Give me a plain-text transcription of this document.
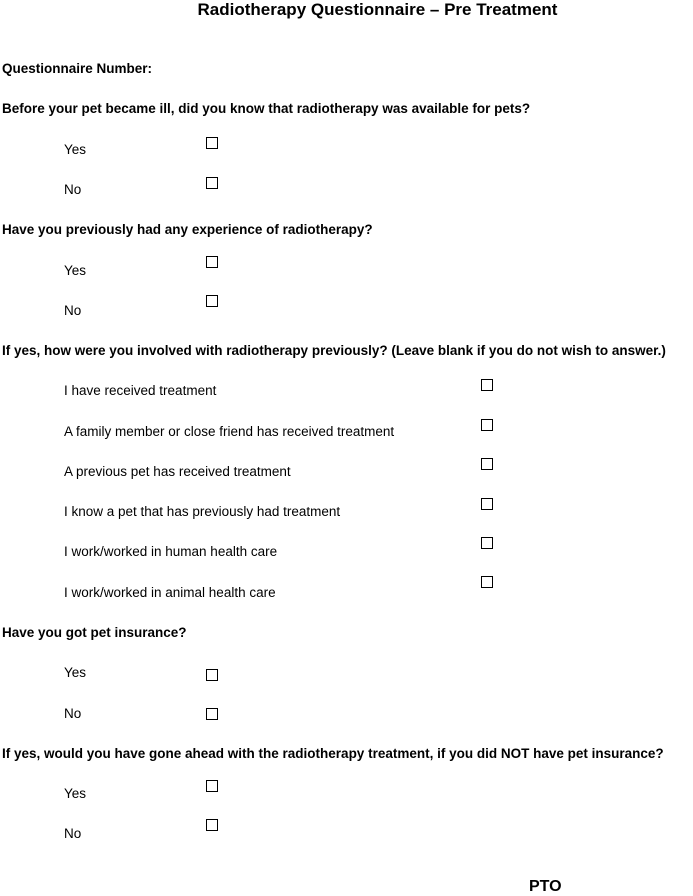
Radiotherapy Questionnaire – Pre Treatment
Questionnaire Number:
Before your pet became ill, did you know that radiotherapy was available for pets?
Yes
No
Have you previously had any experience of radiotherapy?
Yes
No
If yes, how were you involved with radiotherapy previously? (Leave blank if you do not wish to answer.)
I have received treatment
A family member or close friend has received treatment
A previous pet has received treatment
I know a pet that has previously had treatment
I work/worked in human health care
I work/worked in animal health care
Have you got pet insurance?
Yes
No
If yes, would you have gone ahead with the radiotherapy treatment, if you did NOT have pet insurance?
Yes
No
PTO
